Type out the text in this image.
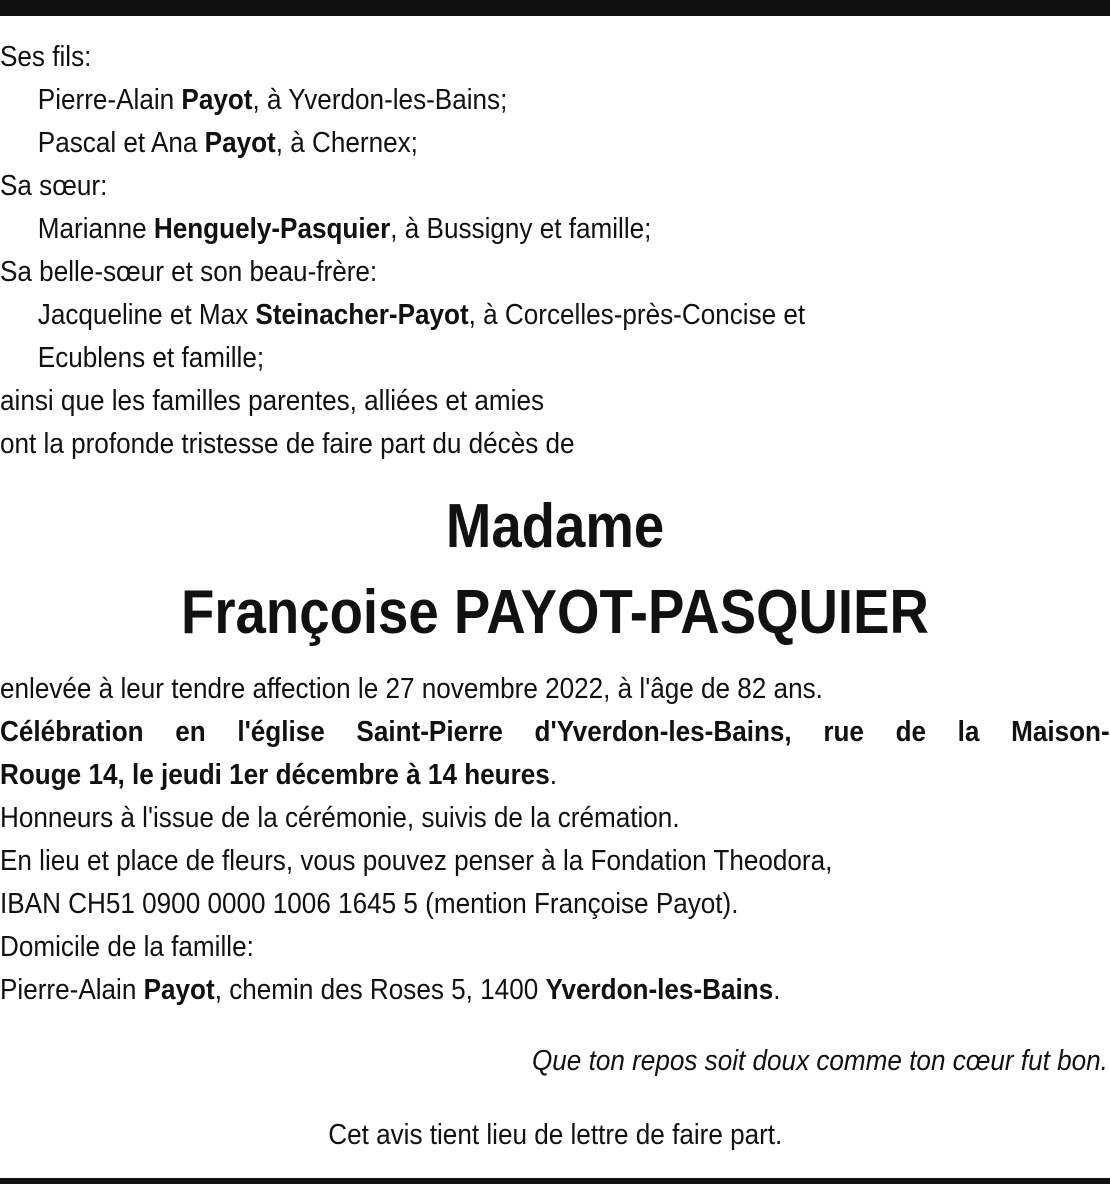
Ses fils:
Pierre-Alain Payot, à Yverdon-les-Bains;
Pascal et Ana Payot, à Chernex;
Sa sœur:
Marianne Henguely-Pasquier, à Bussigny et famille;
Sa belle-sœur et son beau-frère:
Jacqueline et Max Steinacher-Payot, à Corcelles-près-Concise et
Ecublens et famille;
ainsi que les familles parentes, alliées et amies
ont la profonde tristesse de faire part du décès de
Madame
Françoise PAYOT-PASQUIER
enlevée à leur tendre affection le 27 novembre 2022, à l'âge de 82 ans.
Célébration en l'église Saint-Pierre d'Yverdon-les-Bains, rue de la Maison-
Rouge 14, le jeudi 1er décembre à 14 heures.
Honneurs à l'issue de la cérémonie, suivis de la crémation.
En lieu et place de fleurs, vous pouvez penser à la Fondation Theodora,
IBAN CH51 0900 0000 1006 1645 5 (mention Françoise Payot).
Domicile de la famille:
Pierre-Alain Payot, chemin des Roses 5, 1400 Yverdon-les-Bains.
Que ton repos soit doux comme ton cœur fut bon.
Cet avis tient lieu de lettre de faire part.
